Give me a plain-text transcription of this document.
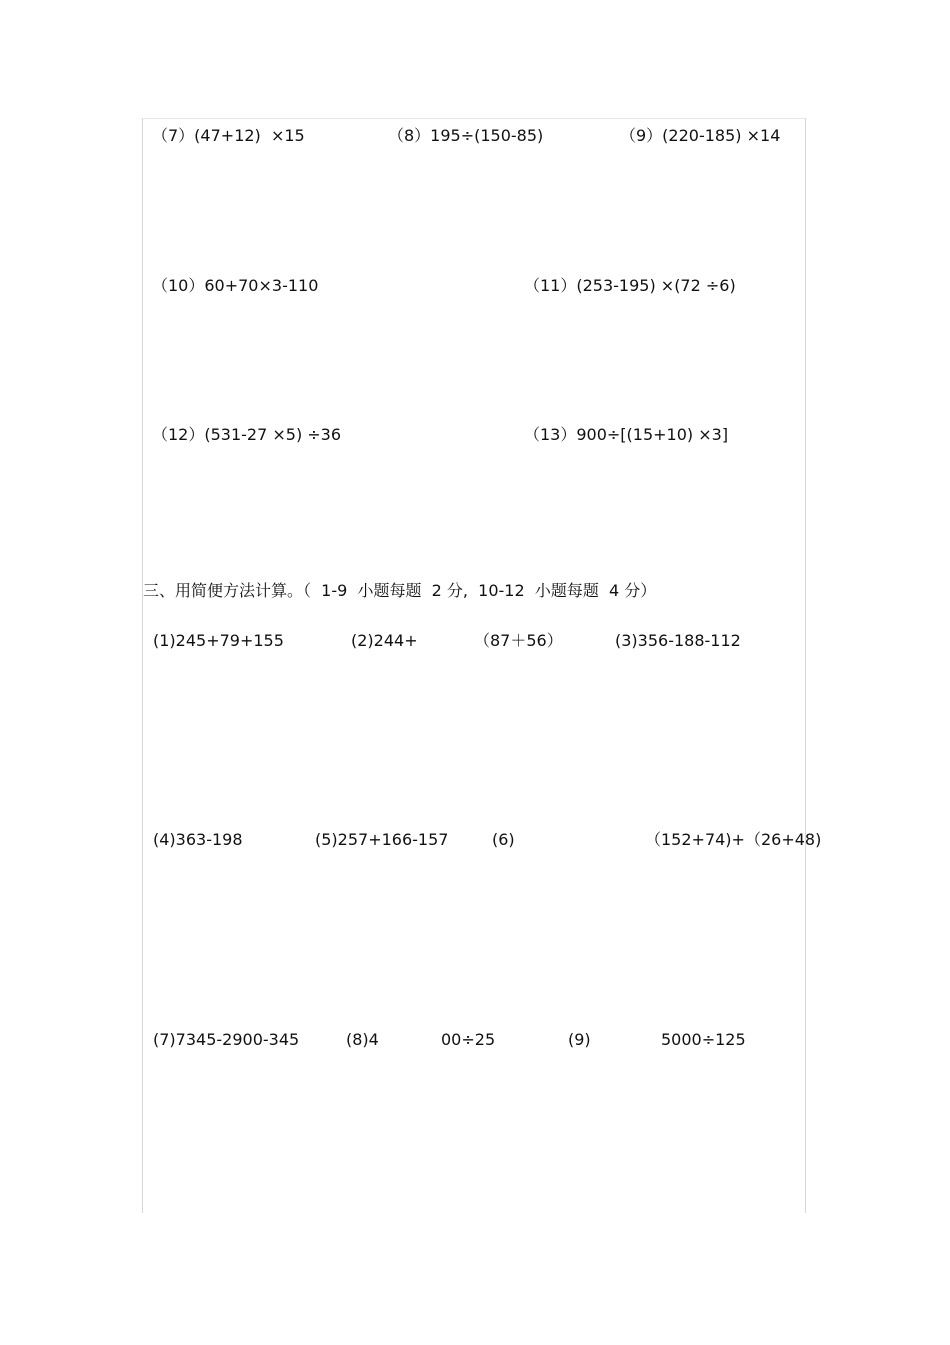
（7）(47+12)  ×15	（8）195÷(150-85)	（9）(220-185) ×14
（10）60+70×3-110	（11）(253-195) ×(72 ÷6)
（12）(531-27 ×5) ÷36	（13）900÷[(15+10) ×3]
三、用简便方法计算。（  1-9  小题每题  2 分,  10-12  小题每题  4 分）
(1)245+79+155	(2)244+	（87＋56）	(3)356-188-112
(4)363-198	(5)257+166-157	(6)	（152+74)+（26+48)
(7)7345-2900-345	(8)4	00÷25	(9)	5000÷125
